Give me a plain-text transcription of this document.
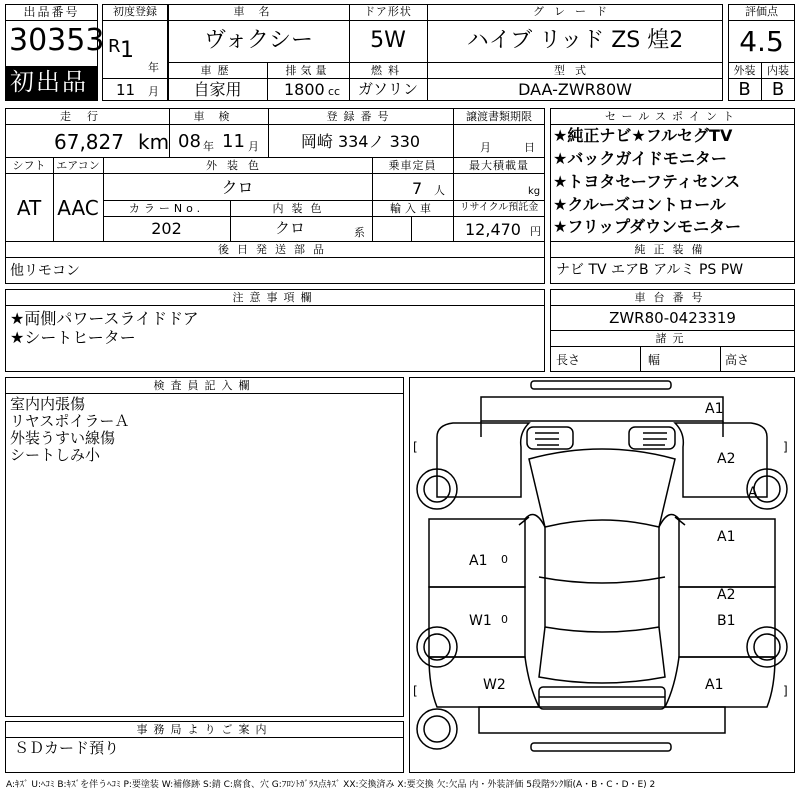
出品番号
30353
初出品
初度登録
R 1
年
11 月
車名
ヴォクシー
ドア形状
5W
グレード
ハイブ リッド ZS 煌2
車歴
自家用
排気量
1800 cc
燃料
ガソリン
型式
DAA-ZWR80W
評価点
4.5
外装	内装
B	B
走行
67,827 km
車検
08 年 11 月
登録番号
岡崎 334ノ 330
譲渡書類期限
月	日
シフト
AT
エアコン
AAC
外装色
クロ
乗車定員
7 人
最大積載量
kg
カラーNo.
202
内装色
クロ	系
輸入車	リサイクル預託金
12,470 円
後日発送部品
他リモコン
セールスポイント
★純正ナビ★フルセグTV
★バックガイドモニター
★トヨタセーフティセンス
★クルーズコントロール
★フリップダウンモニター
純正装備
ナビ TV エアB アルミ PS PW
注意事項欄
★両側パワースライドドア
★シートヒーター
車台番号
ZWR80-0423319
諸元
長さ	幅	高さ
検査員記入欄
室内内張傷
リヤスポイラーＡ
外装うすい線傷
シートしみ小
事務局よりご案内
ＳＤカード預り
A1
A2
A
A1
A1
A2
B1
W1
W2	A1
0
0
[	]
[	]
A:ｷｽﾞ U:ﾍｺﾐ B:ｷｽﾞを伴うﾍｺﾐ P:要塗装 W:補修跡 S:錆 C:腐食、穴 G:ﾌﾛﾝﾄｶﾞﾗｽ点ｷｽﾞ XX:交換済み X:要交換 欠:欠品 内・外装評価 5段階ﾗﾝｸ順(A・B・C・D・E) 2
